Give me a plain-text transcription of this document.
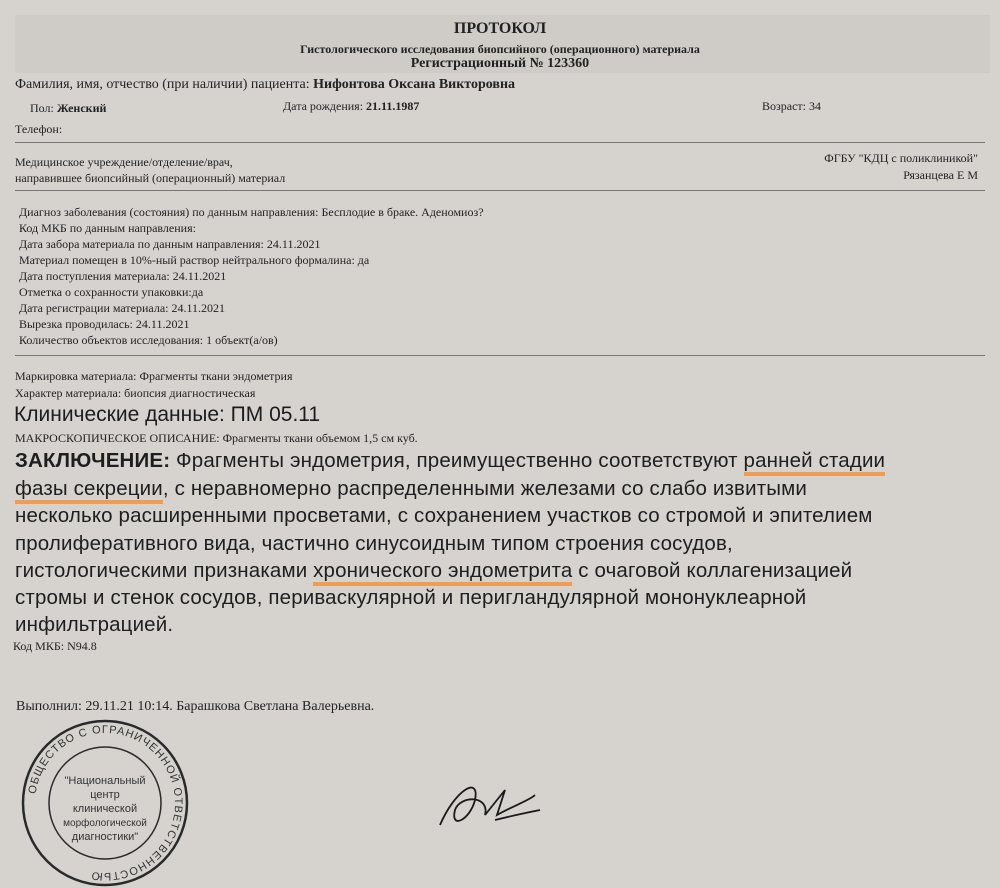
ПРОТОКОЛ
Гистологического исследования биопсийного (операционного) материала
Регистрационный № 123360
Фамилия, имя, отчество (при наличии) пациента: Нифонтова Оксана Викторовна
Пол: Женский	Дата рождения: 21.11.1987	Возраст: 34
Телефон:
Медицинское учреждение/отделение/врач,
направившее биопсийный (операционный) материал
ФГБУ "КДЦ с поликлиникой"
Рязанцева Е М
Диагноз заболевания (состояния) по данным направления: Бесплодие в браке. Аденомиоз?
Код МКБ по данным направления:
Дата забора материала по данным направления: 24.11.2021
Материал помещен в 10%-ный раствор нейтрального формалина: да
Дата поступления материала: 24.11.2021
Отметка о сохранности упаковки:да
Дата регистрации материала: 24.11.2021
Вырезка проводилась: 24.11.2021
Количество объектов исследования: 1 объект(а/ов)
Маркировка материала: Фрагменты ткани эндометрия
Характер материала: биопсия диагностическая
Клинические данные: ПМ 05.11
МАКРОСКОПИЧЕСКОЕ ОПИСАНИЕ: Фрагменты ткани объемом 1,5 см куб.
ЗАКЛЮЧЕНИЕ: Фрагменты эндометрия, преимущественно соответствуют ранней стадии
фазы секреции, с неравномерно распределенными железами со слабо извитыми
несколько расширенными просветами, с сохранением участков со стромой и эпителием
пролиферативного вида, частично синусоидным типом строения сосудов,
гистологическими признаками хронического эндометрита с очаговой коллагенизацией
стромы и стенок сосудов, периваскулярной и перигландулярной мононуклеарной
инфильтрацией.
Код МКБ: N94.8
Выполнил: 29.11.21 10:14. Барашкова Светлана Валерьевна.
"Национальный
центр
клинической
морфологической
диагностики"
ОБЩЕСТВО С ОГРАНИЧЕННОЙ ОТВЕТСТВЕННОСТЬЮ
